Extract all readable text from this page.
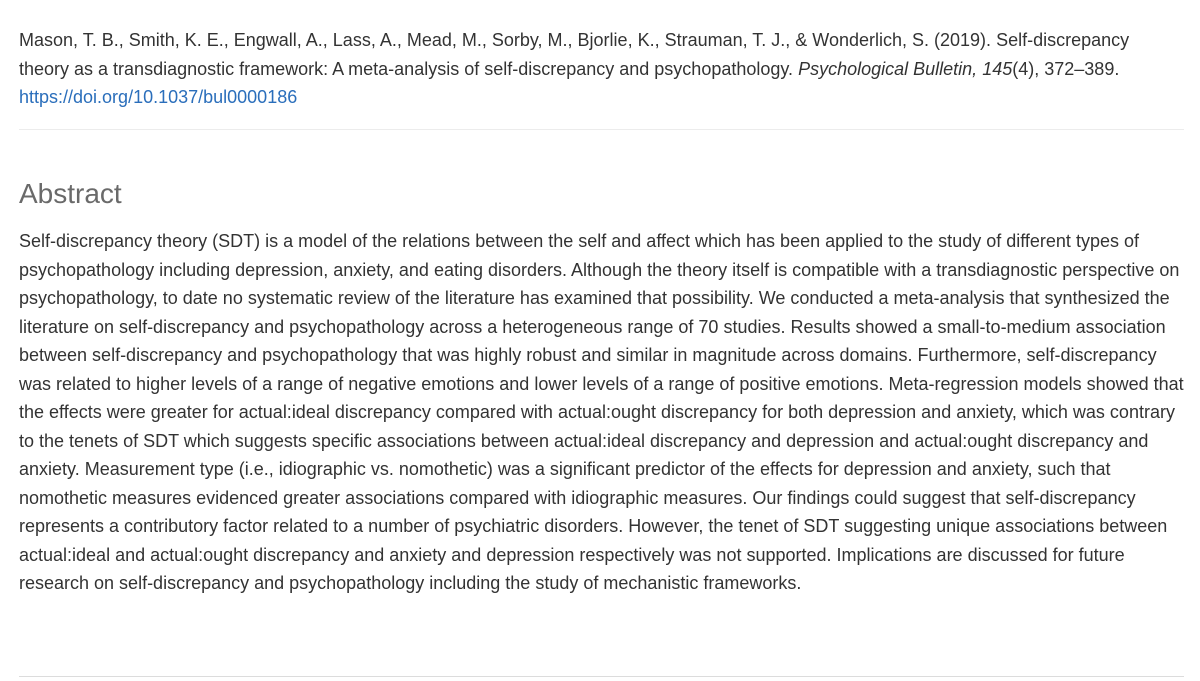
Mason, T. B., Smith, K. E., Engwall, A., Lass, A., Mead, M., Sorby, M., Bjorlie, K., Strauman, T. J., & Wonderlich, S. (2019). Self-discrepancy theory as a transdiagnostic framework: A meta-analysis of self-discrepancy and psychopathology. Psychological Bulletin, 145(4), 372–389. https://doi.org/10.1037/bul0000186

Abstract

Self-discrepancy theory (SDT) is a model of the relations between the self and affect which has been applied to the study of different types of psychopathology including depression, anxiety, and eating disorders. Although the theory itself is compatible with a transdiagnostic perspective on psychopathology, to date no systematic review of the literature has examined that possibility. We conducted a meta-analysis that synthesized the literature on self-discrepancy and psychopathology across a heterogeneous range of 70 studies. Results showed a small-to-medium association between self-discrepancy and psychopathology that was highly robust and similar in magnitude across domains. Furthermore, self-discrepancy was related to higher levels of a range of negative emotions and lower levels of a range of positive emotions. Meta-regression models showed that the effects were greater for actual:ideal discrepancy compared with actual:ought discrepancy for both depression and anxiety, which was contrary to the tenets of SDT which suggests specific associations between actual:ideal discrepancy and depression and actual:ought discrepancy and anxiety. Measurement type (i.e., idiographic vs. nomothetic) was a significant predictor of the effects for depression and anxiety, such that nomothetic measures evidenced greater associations compared with idiographic measures. Our findings could suggest that self-discrepancy represents a contributory factor related to a number of psychiatric disorders. However, the tenet of SDT suggesting unique associations between actual:ideal and actual:ought discrepancy and anxiety and depression respectively was not supported. Implications are discussed for future research on self-discrepancy and psychopathology including the study of mechanistic frameworks.
